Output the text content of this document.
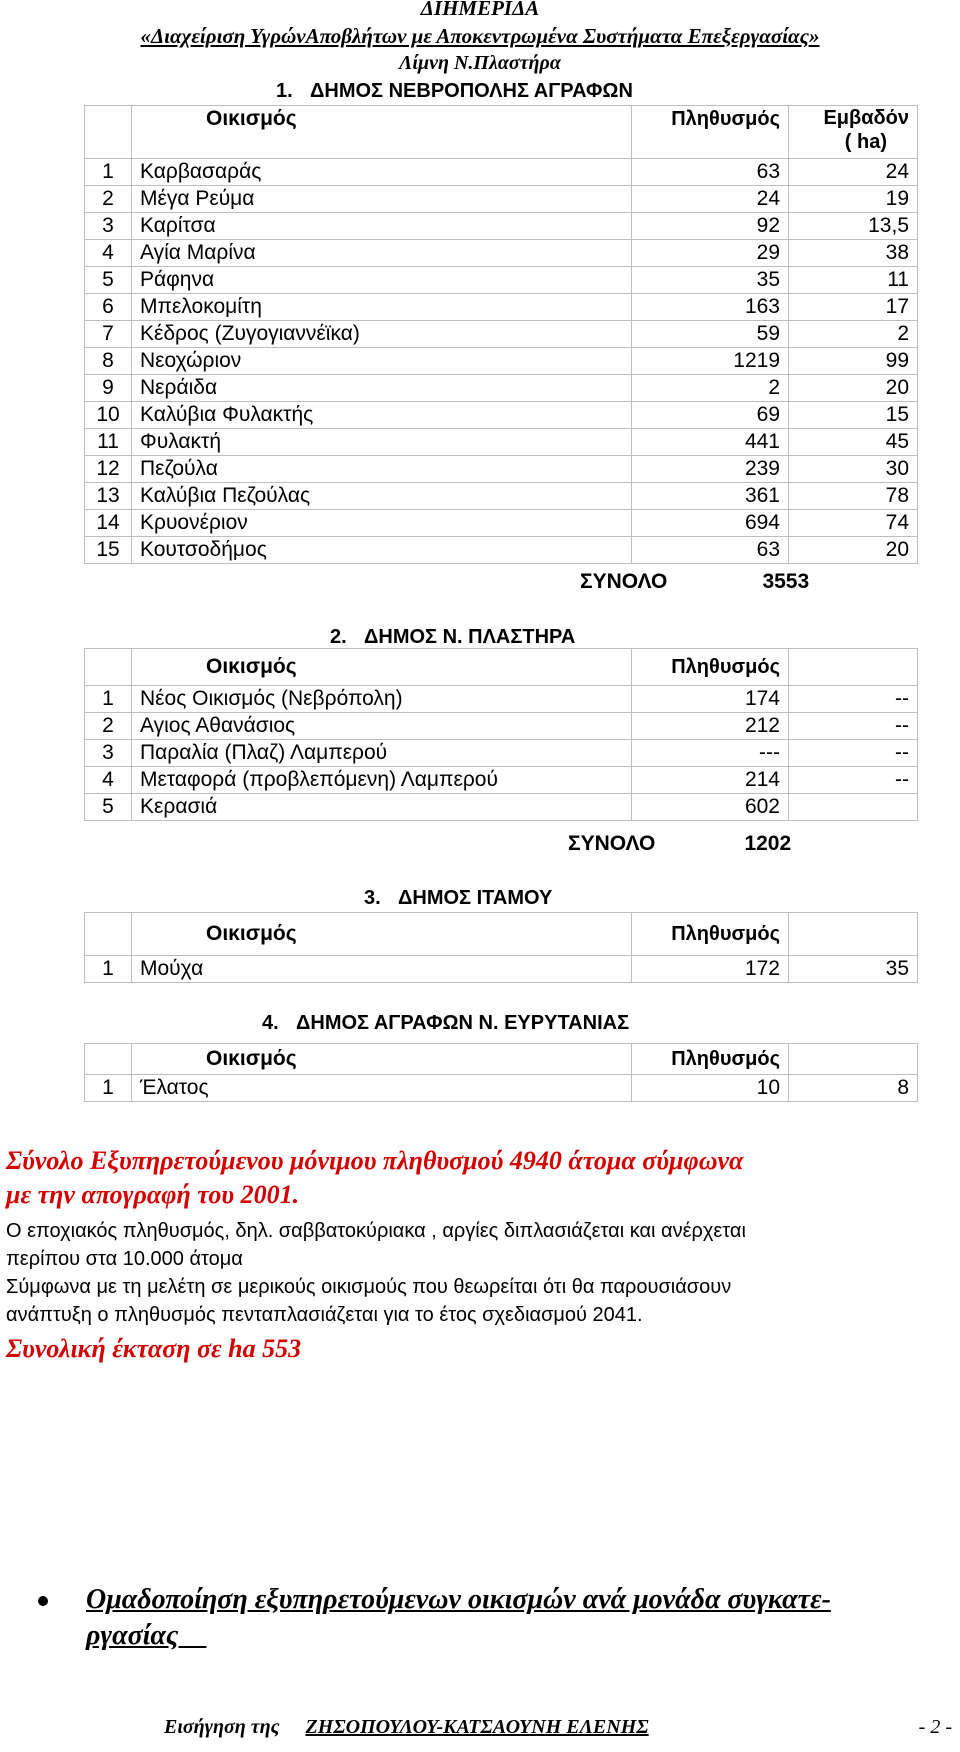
ΔΙΗΜΕΡΙΔΑ
«Διαχείριση ΥγρώνΑποβλήτων με Αποκεντρωμένα Συστήματα Επεξεργασίας»
Λίμνη Ν.Πλαστήρα
1. ΔΗΜΟΣ ΝΕΒΡΟΠΟΛΗΣ ΑΓΡΑΦΩΝ
	Οικισμός	Πληθυσμός	Εμβαδόν
( ha)

1	Καρβασαράς	63	24
2	Μέγα Ρεύμα	24	19
3	Καρίτσα	92	13,5
4	Αγία Μαρίνα	29	38
5	Ράφηνα	35	11
6	Μπελοκομίτη	163	17
7	Κέδρος (Ζυγογιαννέϊκα)	59	2
8	Νεοχώριον	1219	99
9	Νεράιδα	2	20
10	Καλύβια Φυλακτής	69	15
11	Φυλακτή	441	45
12	Πεζούλα	239	30
13	Καλύβια Πεζούλας	361	78
14	Κρυονέριον	694	74
15	Κουτσοδήμος	63	20
ΣΥΝΟΛΟ	3553
2. ΔΗΜΟΣ Ν. ΠΛΑΣΤΗΡΑ
	Οικισμός	Πληθυσμός	
1	Νέος Οικισμός (Νεβρόπολη)	174	--
2	Αγιος Αθανάσιος	212	--
3	Παραλία (Πλαζ) Λαμπερού	---	--
4	Μεταφορά (προβλεπόμενη) Λαμπερού	214	--
5	Κερασιά	602	
ΣΥΝΟΛΟ	1202
3. ΔΗΜΟΣ ΙΤΑΜΟΥ
	Οικισμός	Πληθυσμός	
1	Μούχα	172	35
4. ΔΗΜΟΣ ΑΓΡΑΦΩΝ Ν. ΕΥΡΥΤΑΝΙΑΣ
	Οικισμός	Πληθυσμός	
1	Έλατος	10	8
Σύνολο Εξυπηρετούμενου μόνιμου πληθυσμού 4940 άτομα σύμφωνα
με την απογραφή του 2001.
Ο εποχιακός πληθυσμός, δηλ. σαββατοκύριακα , αργίες διπλασιάζεται και ανέρχεται
περίπου στα 10.000 άτομα
Σύμφωνα με τη μελέτη σε μερικούς οικισμούς που θεωρείται ότι θα παρουσιάσουν
ανάπτυξη ο πληθυσμός πενταπλασιάζεται για το έτος σχεδιασμού 2041.
Συνολική έκταση σε ha 553
Ομαδοποίηση εξυπηρετούμενων οικισμών ανά μονάδα συγκατε-
ργασίας
Εισήγηση της ΖΗΣΟΠΟΥΛΟΥ-ΚΑΤΣΑΟΥΝΗ ΕΛΕΝΗΣ	- 2 -
